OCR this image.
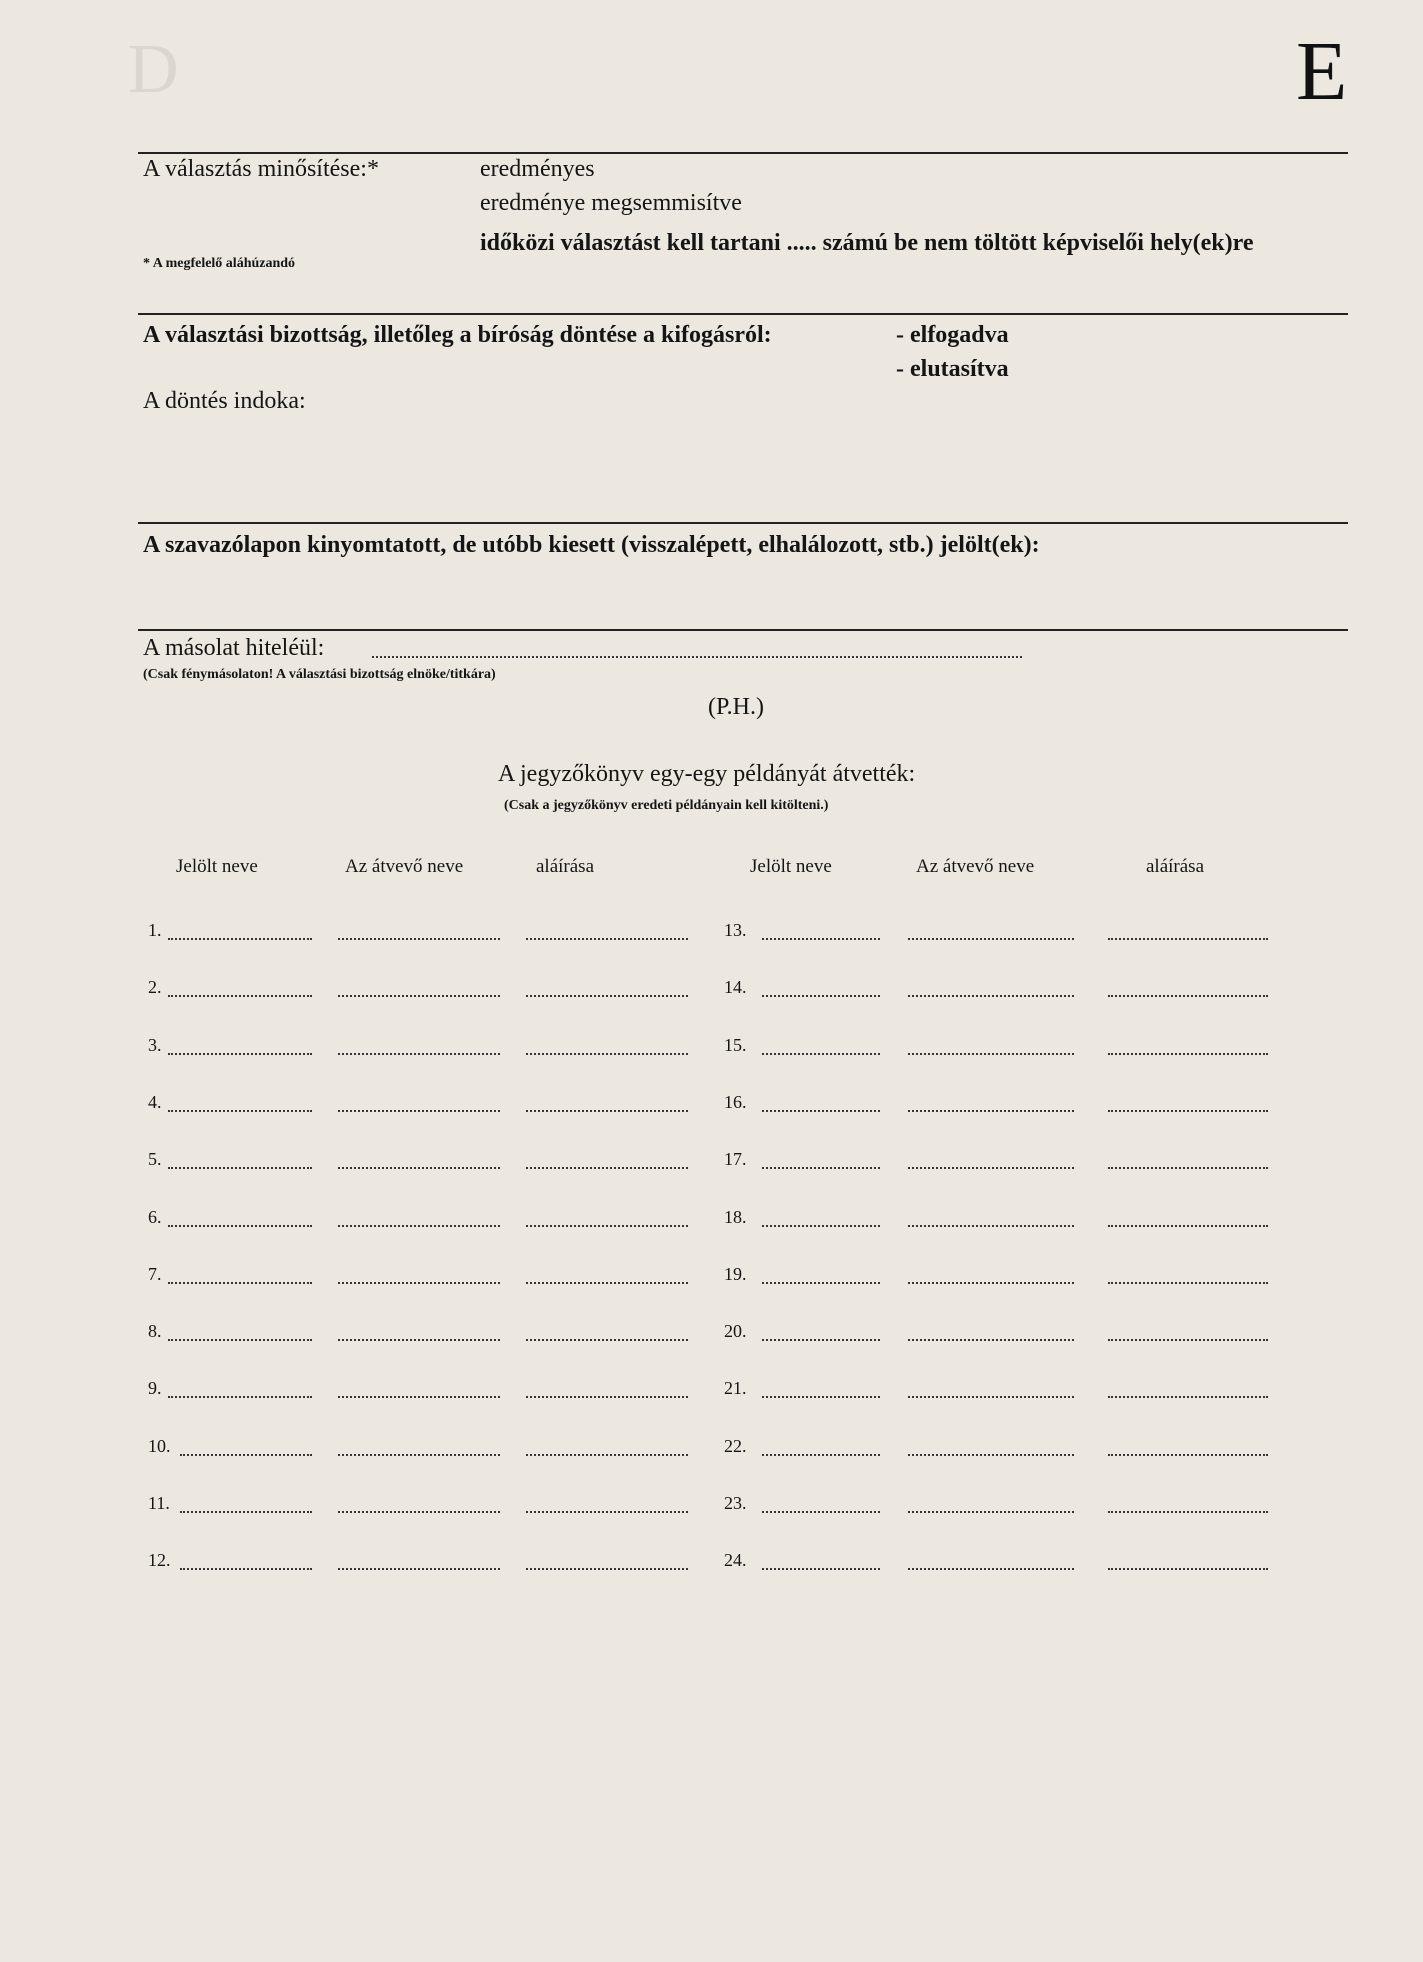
D	E
A választás minősítése:*	eredményes
eredménye megsemmisítve
időközi választást kell tartani ..... számú be nem töltött képviselői hely(ek)re
* A megfelelő aláhúzandó
A választási bizottság, illetőleg a bíróság döntése a kifogásról:	- elfogadva
- elutasítva
A döntés indoka:
A szavazólapon kinyomtatott, de utóbb kiesett (visszalépett, elhalálozott, stb.) jelölt(ek):
A másolat hiteléül:
(Csak fénymásolaton! A választási bizottság elnöke/titkára)
(P.H.)
A jegyzőkönyv egy-egy példányát átvették:
(Csak a jegyzőkönyv eredeti példányain kell kitölteni.)
Jelölt neve	Az átvevő neve	aláírása	Jelölt neve	Az átvevő neve	aláírása
1.	13.
2.	14.
3.	15.
4.	16.
5.	17.
6.	18.
7.	19.
8.	20.
9.	21.
10.	22.
11.	23.
12.	24.
